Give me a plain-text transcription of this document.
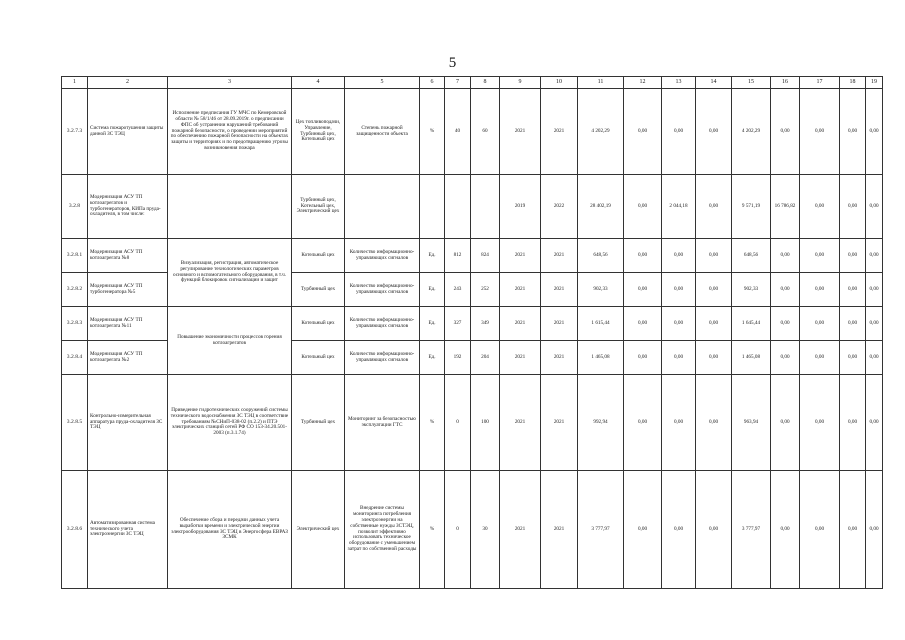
5
1	2	3	4	5	6	7	8	9	10	11	12	13	14	15	16	17	18	19
3.2.7.3	Система пожаротушения защиты данной ЗС ТЭЦ	Исполнение предписания ГУ МЧС по Кемеровской области № 58/1/46 от 28.09.2019г. о предписании ФПС об устранении нарушений требований пожарной безопасности, о проведении мероприятий по обеспечению пожарной безопасности на объектах защиты и территориях и по предотвращению угрозы возникновения пожара	Цех топливоподачи, Управление, Турбинный цех, Котельный цех	Степень пожарной защищенности объекта	%	40	60	2021	2021	4 202,29	0,00	0,00	0,00	4 202,29	0,00	0,00	0,00	0,00
3.2.8	Модернизация АСУ ТП котлоагрегатов и турбогенераторов, КИПа пруда-охладителя, в том числе:		Турбинный цех, Котельный цех, Электрический цех					2019	2022	28 402,19	0,00	2 044,18	0,00	9 571,19	16 786,82	0,00	0,00	0,00
3.2.8.1	Модернизация АСУ ТП котлоагрегата №8	Визуализация, регистрация, автоматическое регулирование технологических параметров основного и вспомогательного оборудования, в т.ч. функций блокировок сигнализации и защит	Котельный цех	Количество информационно-управляющих сигналов	Ед.	812	824	2021	2021	648,56	0,00	0,00	0,00	648,56	0,00	0,00	0,00	0,00
3.2.8.2	Модернизация АСУ ТП турбогенератора №5		Турбинный цех	Количество информационно-управляющих сигналов	Ед.	243	252	2021	2021	902,33	0,00	0,00	0,00	902,33	0,00	0,00	0,00	0,00
3.2.8.3	Модернизация АСУ ТП котлоагрегата №11	Повышение экономичности процессов горения котлоагрегатов	Котельный цех	Количество информационно-управляющих сигналов	Ед.	327	349	2021	2021	1 615,44	0,00	0,00	0,00	1 645,44	0,00	0,00	0,00	0,00
3.2.8.4	Модернизация АСУ ТП котлоагрегата №2		Котельный цех	Количество информационно-управляющих сигналов	Ед.	192	204	2021	2021	1 465,08	0,00	0,00	0,00	1 465,08	0,00	0,00	0,00	0,00
3.2.8.5	Контрольно-измерительная аппаратура пруда-охладителя ЗС ТЭЦ	Приведение гидротехнических сооружений системы технического водоснабжения ЗС ТЭЦ в соответствие требованиям №СНиП-038-02 (п.2.2) и ПТЭ электрических станций сетей РФ СО 153-34.20.501-2003 (п.3.1.74)	Турбинный цех	Мониторинг за безопасностью эксплуатации ГТС	%	0	100	2021	2021	992,94	0,00	0,00	0,00	963,94	0,00	0,00	0,00	0,00
3.2.8.6	Автоматизированная система технического учета электроэнергии ЗС ТЭЦ	Обеспечение сбора и передачи данных учета выработки времени и электрической энергии электрооборудования ЗС ТЭЦ в Энергосфера ЕВРАЗ ЗСМК	Электрический цех	Внедрение системы мониторинга потребления электроэнергии на собственные нужды ЗСТЭЦ, позволит эффективно использовать техническое оборудование с уменьшением затрат по собственной расходы	%	0	30	2021	2021	3 777,97	0,00	0,00	0,00	3 777,97	0,00	0,00	0,00	0,00
